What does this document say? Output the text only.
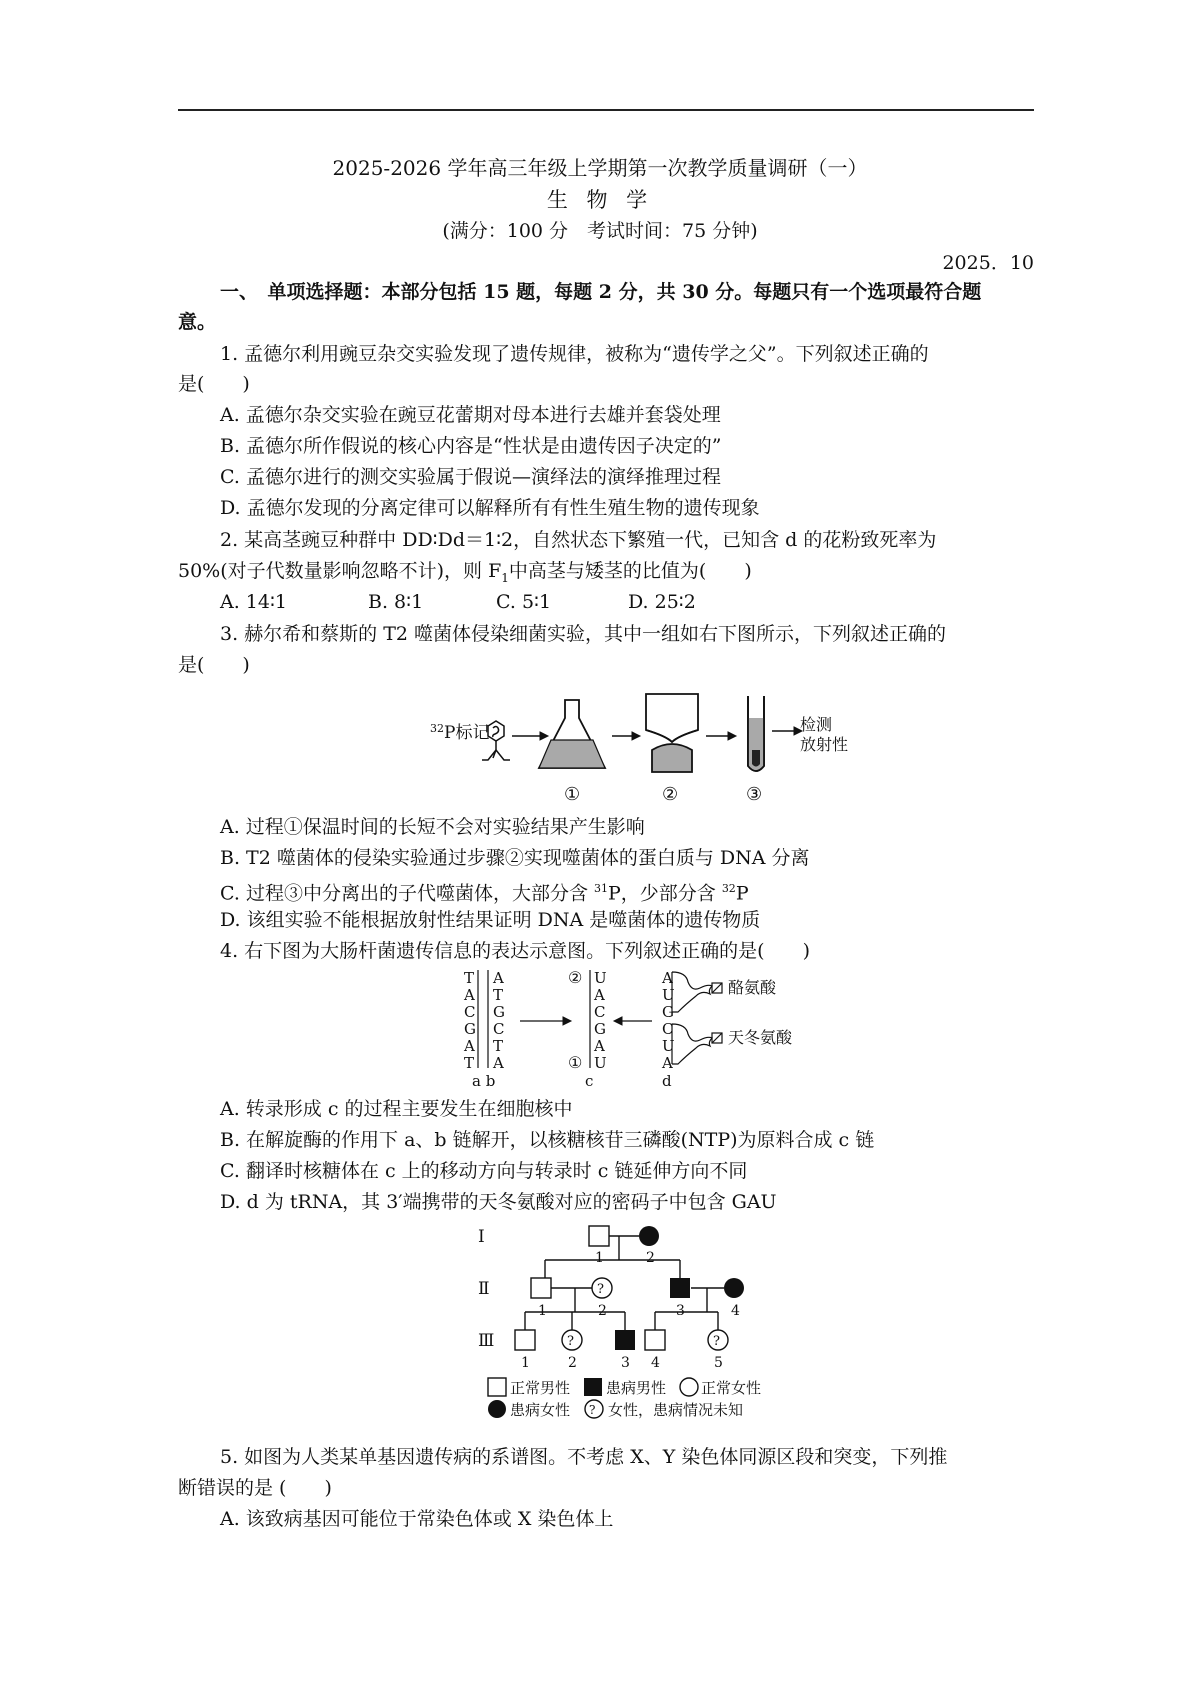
2025-2026 学年高三年级上学期第一次教学质量调研（一）
生 物 学
(满分：100 分　考试时间：75 分钟)
2025．10
一、　单项选择题：本部分包括 15 题，每题 2 分，共 30 分。每题只有一个选项最符合题
意。
1. 孟德尔利用豌豆杂交实验发现了遗传规律，被称为“遗传学之父”。下列叙述正确的
是(　　)
A. 孟德尔杂交实验在豌豆花蕾期对母本进行去雄并套袋处理
B. 孟德尔所作假说的核心内容是“性状是由遗传因子决定的”
C. 孟德尔进行的测交实验属于假说—演绎法的演绎推理过程
D. 孟德尔发现的分离定律可以解释所有有性生殖生物的遗传现象
2. 某高茎豌豆种群中 DD∶Dd＝1∶2，自然状态下繁殖一代，已知含 d 的花粉致死率为
50%(对子代数量影响忽略不计)，则 $F_1$中高茎与矮茎的比值为(　　)
A. 14∶1	B. 8∶1	C. 5∶1	D. 25∶2
3. 赫尔希和蔡斯的 T2 噬菌体侵染细菌实验，其中一组如右下图所示，下列叙述正确的
是(　　)
32 P标记	检测
放射性
①	②	③
A. 过程①保温时间的长短不会对实验结果产生影响
B. T2 噬菌体的侵染实验通过步骤②实现噬菌体的蛋白质与 DNA 分离
C. 过程③中分离出的子代噬菌体，大部分含 $^{31}$P，少部分含 $^{32}$P
D. 该组实验不能根据放射性结果证明 DNA 是噬菌体的遗传物质
4. 右下图为大肠杆菌遗传信息的表达示意图。下列叙述正确的是(　　)
T
A
C
G
A
T
A
T
G
C
T
A
②
①
U
A
C
G
A
U
A
U
G
C
U
A
酪氨酸
天冬氨酸
a b	c	d
A. 转录形成 c 的过程主要发生在细胞核中
B. 在解旋酶的作用下 a、b 链解开，以核糖核苷三磷酸(NTP)为原料合成 c 链
C. 翻译时核糖体在 c 上的移动方向与转录时 c 链延伸方向不同
D. d 为 tRNA，其 3′端携带的天冬氨酸对应的密码子中包含 GAU
Ⅰ
Ⅱ
Ⅲ
1	2
?
1	2	3	4
?	?
1	2	3 4	5
正常男性 患病男性 正常女性
患病女性 ? 女性，患病情况未知
5. 如图为人类某单基因遗传病的系谱图。不考虑 X、Y 染色体同源区段和突变，下列推
断错误的是 (　　)
A. 该致病基因可能位于常染色体或 X 染色体上
